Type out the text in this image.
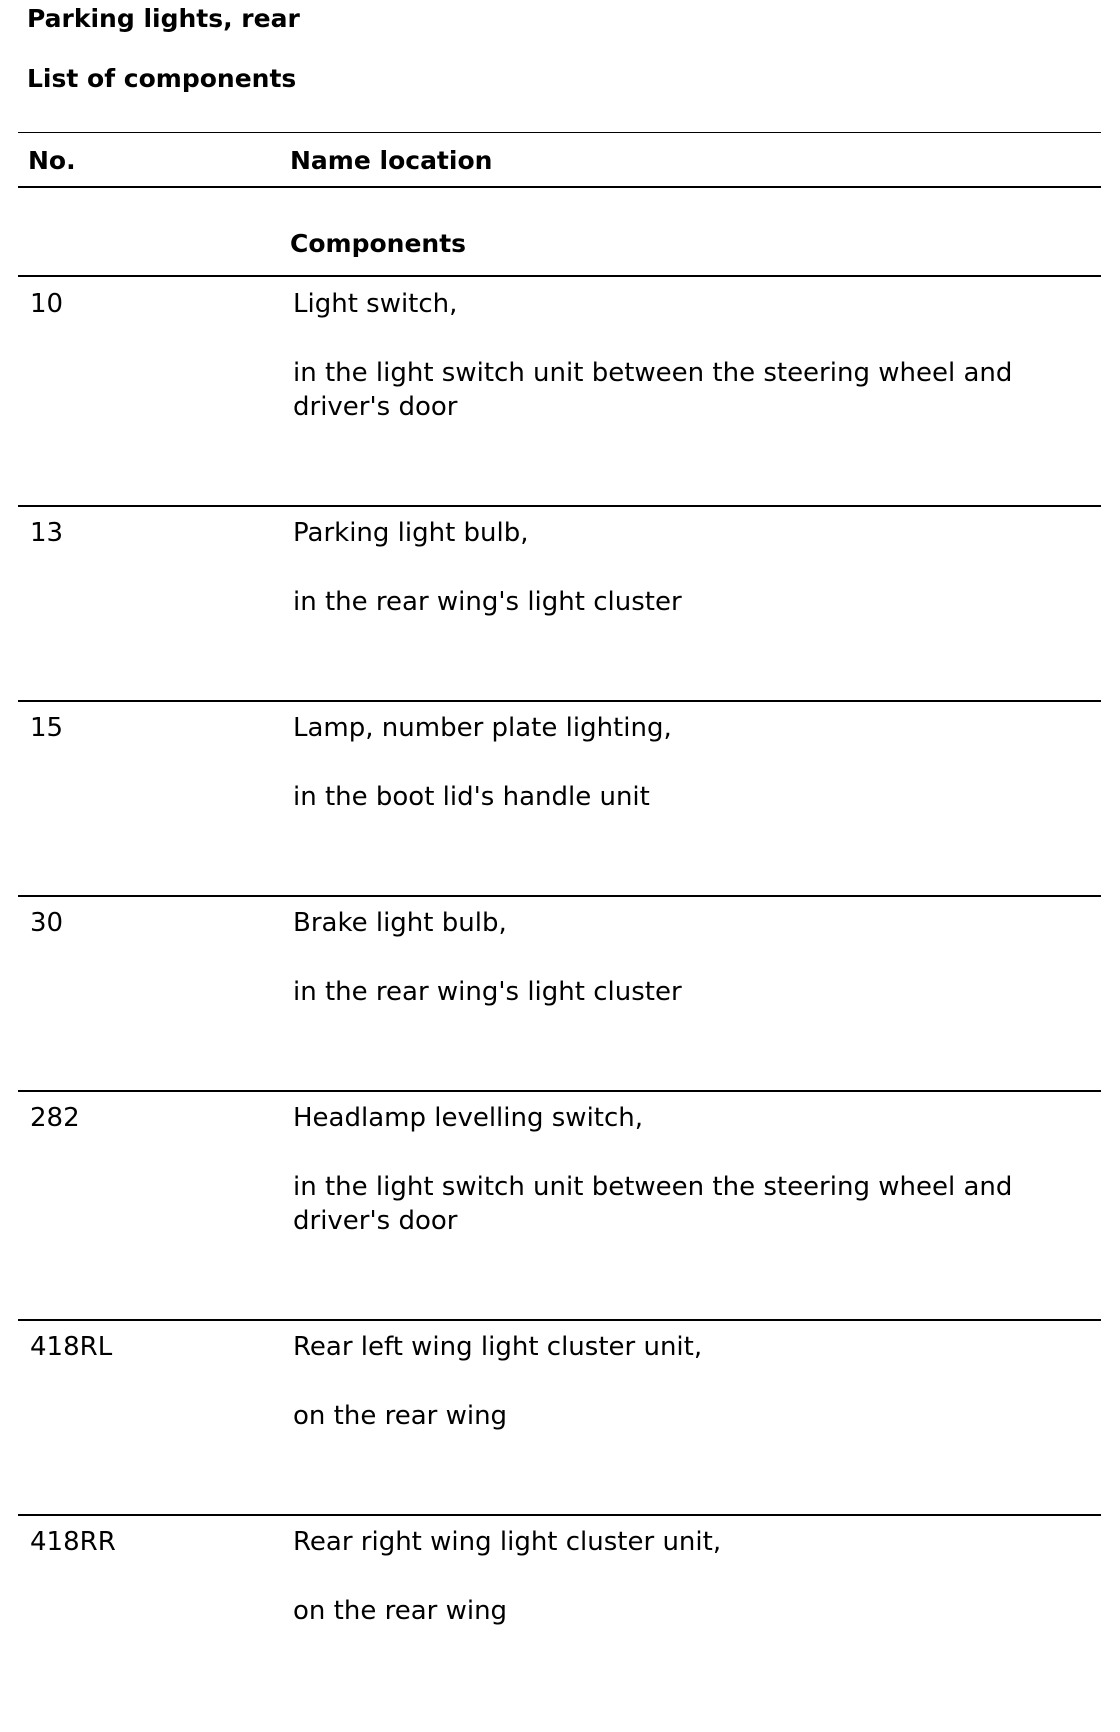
Parking lights, rear
List of components
No.	Name location
Components
10	Light switch,
in the light switch unit between the steering wheel and driver's door
13	Parking light bulb,
in the rear wing's light cluster
15	Lamp, number plate lighting,
in the boot lid's handle unit
30	Brake light bulb,
in the rear wing's light cluster
282	Headlamp levelling switch,
in the light switch unit between the steering wheel and driver's door
418RL	Rear left wing light cluster unit,
on the rear wing
418RR	Rear right wing light cluster unit,
on the rear wing
